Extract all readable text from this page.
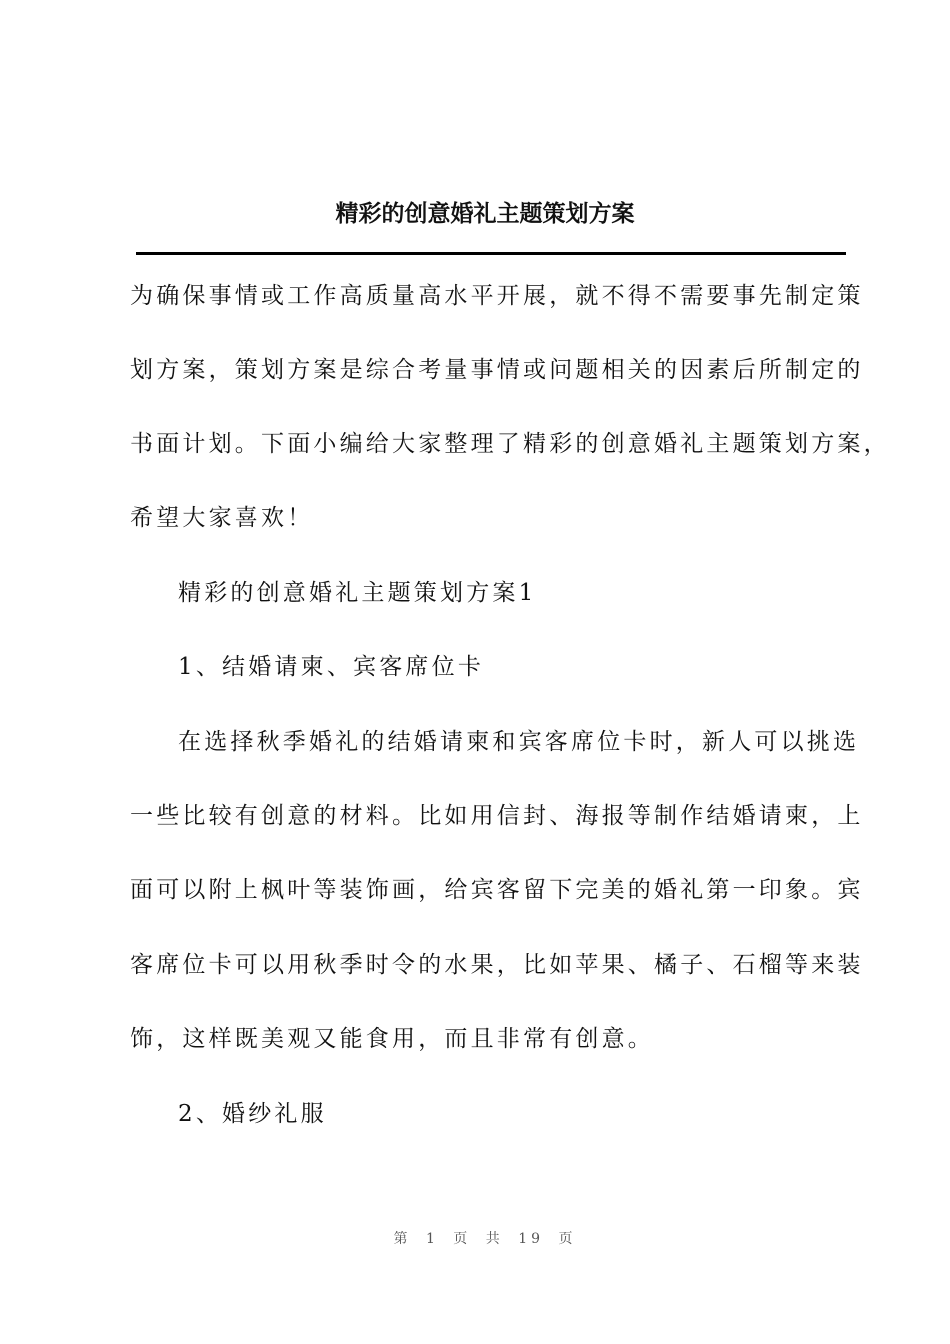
精彩的创意婚礼主题策划方案
为确保事情或工作高质量高水平开展，就不得不需要事先制定策
划方案，策划方案是综合考量事情或问题相关的因素后所制定的
书面计划。下面小编给大家整理了精彩的创意婚礼主题策划方案，
希望大家喜欢！
精彩的创意婚礼主题策划方案1
1、结婚请柬、宾客席位卡
在选择秋季婚礼的结婚请柬和宾客席位卡时，新人可以挑选
一些比较有创意的材料。比如用信封、海报等制作结婚请柬，上
面可以附上枫叶等装饰画，给宾客留下完美的婚礼第一印象。宾
客席位卡可以用秋季时令的水果，比如苹果、橘子、石榴等来装
饰，这样既美观又能食用，而且非常有创意。
2、婚纱礼服
第 1 页 共 19 页
